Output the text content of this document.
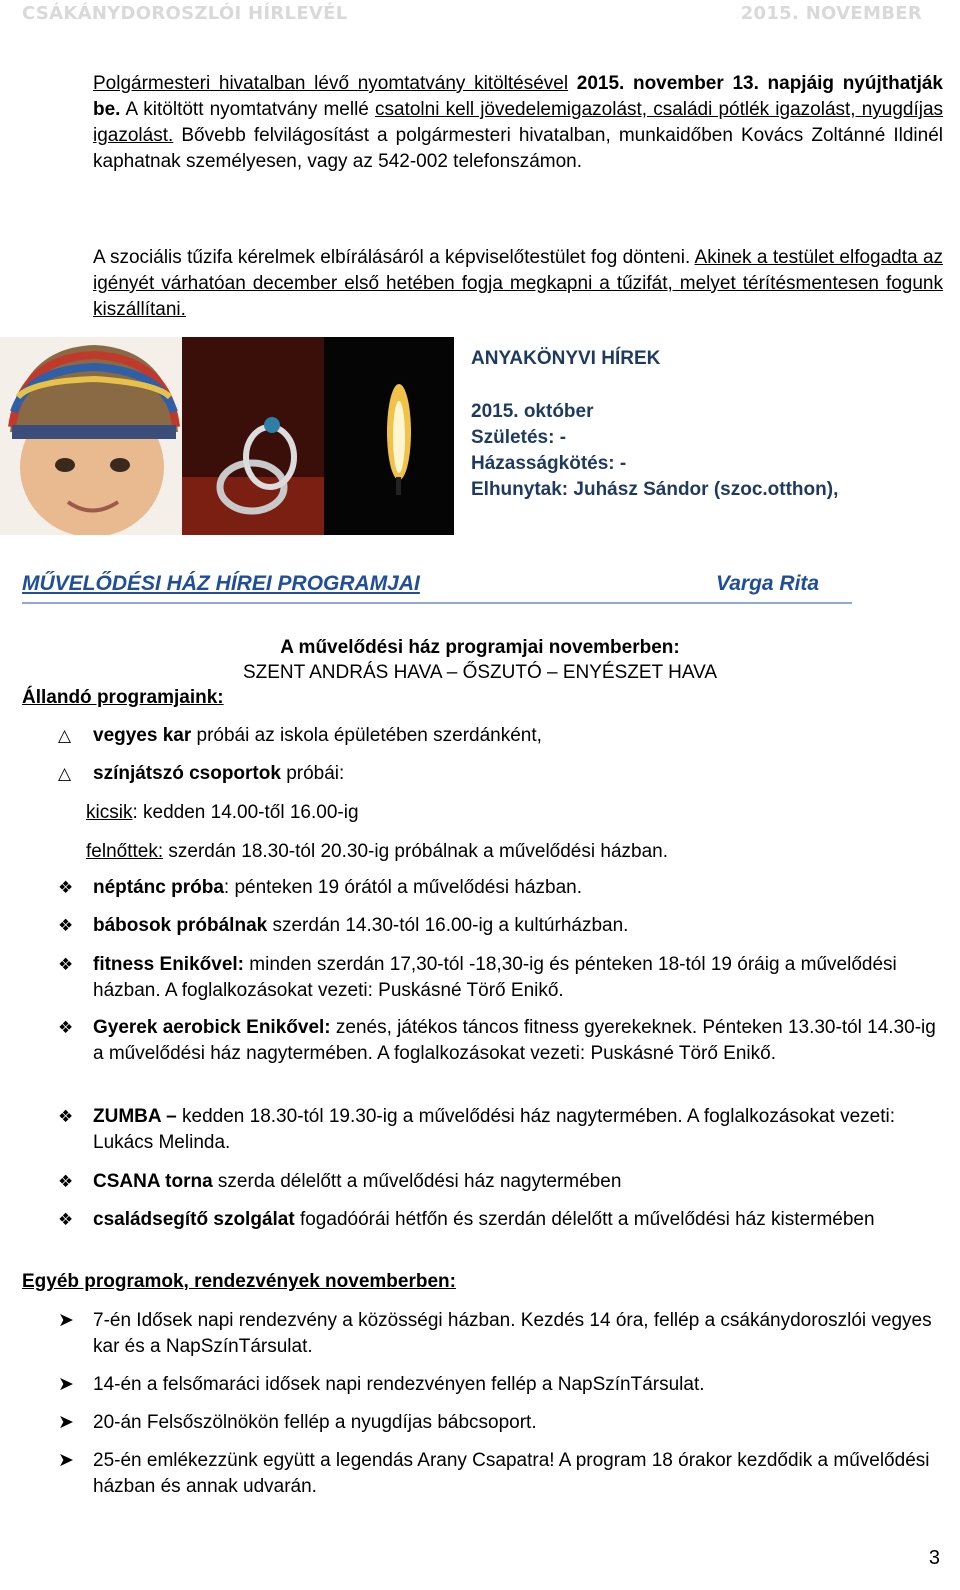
CSÁKÁNYDOROSZLÓI HÍRLEVÉL	2015. NOVEMBER
Polgármesteri hivatalban lévő nyomtatvány kitöltésével 2015. november 13. napjáig nyújthatják be. A kitöltött nyomtatvány mellé csatolni kell jövedelemigazolást, családi pótlék igazolást, nyugdíjas igazolást. Bővebb felvilágosítást a polgármesteri hivatalban, munkaidőben Kovács Zoltánné Ildinél kaphatnak személyesen, vagy az 542-002 telefonszámon.
A szociális tűzifa kérelmek elbírálásáról a képviselőtestület fog dönteni. Akinek a testület elfogadta az igényét várhatóan december első hetében fogja megkapni a tűzifát, melyet térítésmentesen fogunk kiszállítani.
ANYAKÖNYVI HÍREK
2015. október
Születés: -
Házasságkötés: -
Elhunytak: Juhász Sándor (szoc.otthon),
MŰVELŐDÉSI HÁZ HÍREI PROGRAMJAI	Varga Rita
A művelődési ház programjai novemberben:
SZENT ANDRÁS HAVA – ŐSZUTÓ – ENYÉSZET HAVA
Állandó programjaink:
△ vegyes kar próbái az iskola épületében szerdánként,
△ színjátszó csoportok próbái:
kicsik: kedden 14.00-től 16.00-ig
felnőttek: szerdán 18.30-tól 20.30-ig próbálnak a művelődési házban.
❖ néptánc próba: pénteken 19 órától a művelődési házban.
❖ bábosok próbálnak szerdán 14.30-tól 16.00-ig a kultúrházban.
❖ fitness Enikővel: minden szerdán 17,30-tól -18,30-ig és pénteken 18-tól 19 óráig a művelődési házban. A foglalkozásokat vezeti: Puskásné Törő Enikő.
❖ Gyerek aerobick Enikővel: zenés, játékos táncos fitness gyerekeknek. Pénteken 13.30-tól 14.30-ig a művelődési ház nagytermében. A foglalkozásokat vezeti: Puskásné Törő Enikő.
❖ ZUMBA – kedden 18.30-tól 19.30-ig a művelődési ház nagytermében. A foglalkozásokat vezeti: Lukács Melinda.
❖ CSANA torna szerda délelőtt a művelődési ház nagytermében
❖ családsegítő szolgálat fogadóórái hétfőn és szerdán délelőtt a művelődési ház kistermében
Egyéb programok, rendezvények novemberben:
➤ 7-én Idősek napi rendezvény a közösségi házban. Kezdés 14 óra, fellép a csákánydoroszlói vegyes kar és a NapSzínTársulat.
➤ 14-én a felsőmaráci idősek napi rendezvényen fellép a NapSzínTársulat.
➤ 20-án Felsőszölnökön fellép a nyugdíjas bábcsoport.
➤ 25-én emlékezzünk együtt a legendás Arany Csapatra! A program 18 órakor kezdődik a művelődési házban és annak udvarán.
3
